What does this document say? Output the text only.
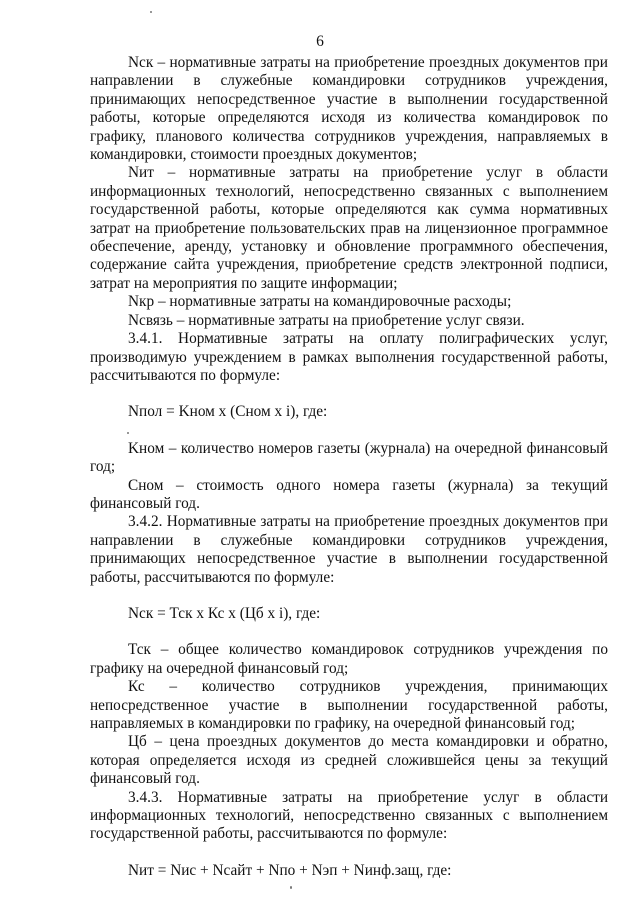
6

Nск – нормативные затраты на приобретение проездных документов при направлении в служебные командировки сотрудников учреждения, принимающих непосредственное участие в выполнении государственной работы, которые определяются исходя из количества командировок по графику, планового количества сотрудников учреждения, направляемых в командировки, стоимости проездных документов;

Nит – нормативные затраты на приобретение услуг в области информационных технологий, непосредственно связанных с выполнением государственной работы, которые определяются как сумма нормативных затрат на приобретение пользовательских прав на лицензионное программное обеспечение, аренду, установку и обновление программного обеспечения, содержание сайта учреждения, приобретение средств электронной подписи, затрат на мероприятия по защите информации;

Nкр – нормативные затраты на командировочные расходы;

Nсвязь – нормативные затраты на приобретение услуг связи.

3.4.1. Нормативные затраты на оплату полиграфических услуг, производимую учреждением в рамках выполнения государственной работы, рассчитываются по формуле:

Nпол = Kном х (Сном х i), где:

Kном – количество номеров газеты (журнала) на очередной финансовый год;

Сном – стоимость одного номера газеты (журнала) за текущий финансовый год.

3.4.2. Нормативные затраты на приобретение проездных документов при направлении в служебные командировки сотрудников учреждения, принимающих непосредственное участие в выполнении государственной работы, рассчитываются по формуле:

Nск = Тск х Кс х (Цб х i), где:

Тск – общее количество командировок сотрудников учреждения по графику на очередной финансовый год;

Кс – количество сотрудников учреждения, принимающих непосредственное участие в выполнении государственной работы, направляемых в командировки по графику, на очередной финансовый год;

Цб – цена проездных документов до места командировки и обратно, которая определяется исходя из средней сложившейся цены за текущий финансовый год.

3.4.3. Нормативные затраты на приобретение услуг в области информационных технологий, непосредственно связанных с выполнением государственной работы, рассчитываются по формуле:

Nит = Nис + Nсайт + Nпо + Nэп + Nинф.защ, где:
